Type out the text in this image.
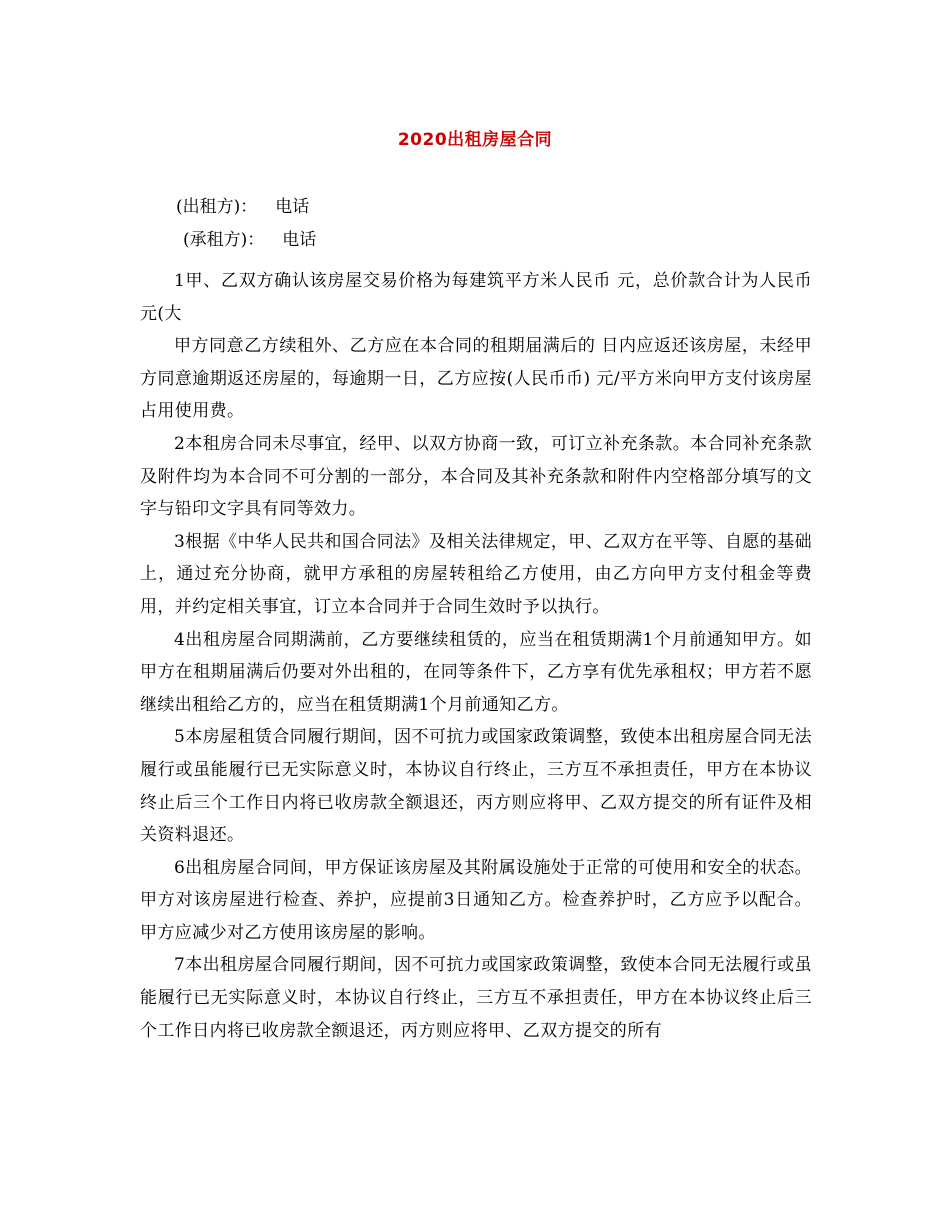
2020出租房屋合同
(出租方)： 电话
(承租方)： 电话

1甲、乙双方确认该房屋交易价格为每建筑平方米人民币 元，总价款合计为人民币 元(大

甲方同意乙方续租外、乙方应在本合同的租期届满后的 日内应返还该房屋，未经甲方同意逾期返还房屋的，每逾期一日，乙方应按(人民币币) 元/平方米向甲方支付该房屋占用使用费。

2本租房合同未尽事宜，经甲、以双方协商一致，可订立补充条款。本合同补充条款及附件均为本合同不可分割的一部分，本合同及其补充条款和附件内空格部分填写的文字与铅印文字具有同等效力。

3根据《中华人民共和国合同法》及相关法律规定，甲、乙双方在平等、自愿的基础上，通过充分协商，就甲方承租的房屋转租给乙方使用，由乙方向甲方支付租金等费用，并约定相关事宜，订立本合同并于合同生效时予以执行。

4出租房屋合同期满前，乙方要继续租赁的，应当在租赁期满1个月前通知甲方。如甲方在租期届满后仍要对外出租的，在同等条件下，乙方享有优先承租权；甲方若不愿继续出租给乙方的，应当在租赁期满1个月前通知乙方。

5本房屋租赁合同履行期间，因不可抗力或国家政策调整，致使本出租房屋合同无法履行或虽能履行已无实际意义时，本协议自行终止，三方互不承担责任，甲方在本协议终止后三个工作日内将已收房款全额退还，丙方则应将甲、乙双方提交的所有证件及相关资料退还。

6出租房屋合同间，甲方保证该房屋及其附属设施处于正常的可使用和安全的状态。甲方对该房屋进行检查、养护，应提前3日通知乙方。检查养护时，乙方应予以配合。甲方应减少对乙方使用该房屋的影响。

7本出租房屋合同履行期间，因不可抗力或国家政策调整，致使本合同无法履行或虽能履行已无实际意义时，本协议自行终止，三方互不承担责任，甲方在本协议终止后三个工作日内将已收房款全额退还，丙方则应将甲、乙双方提交的所有
